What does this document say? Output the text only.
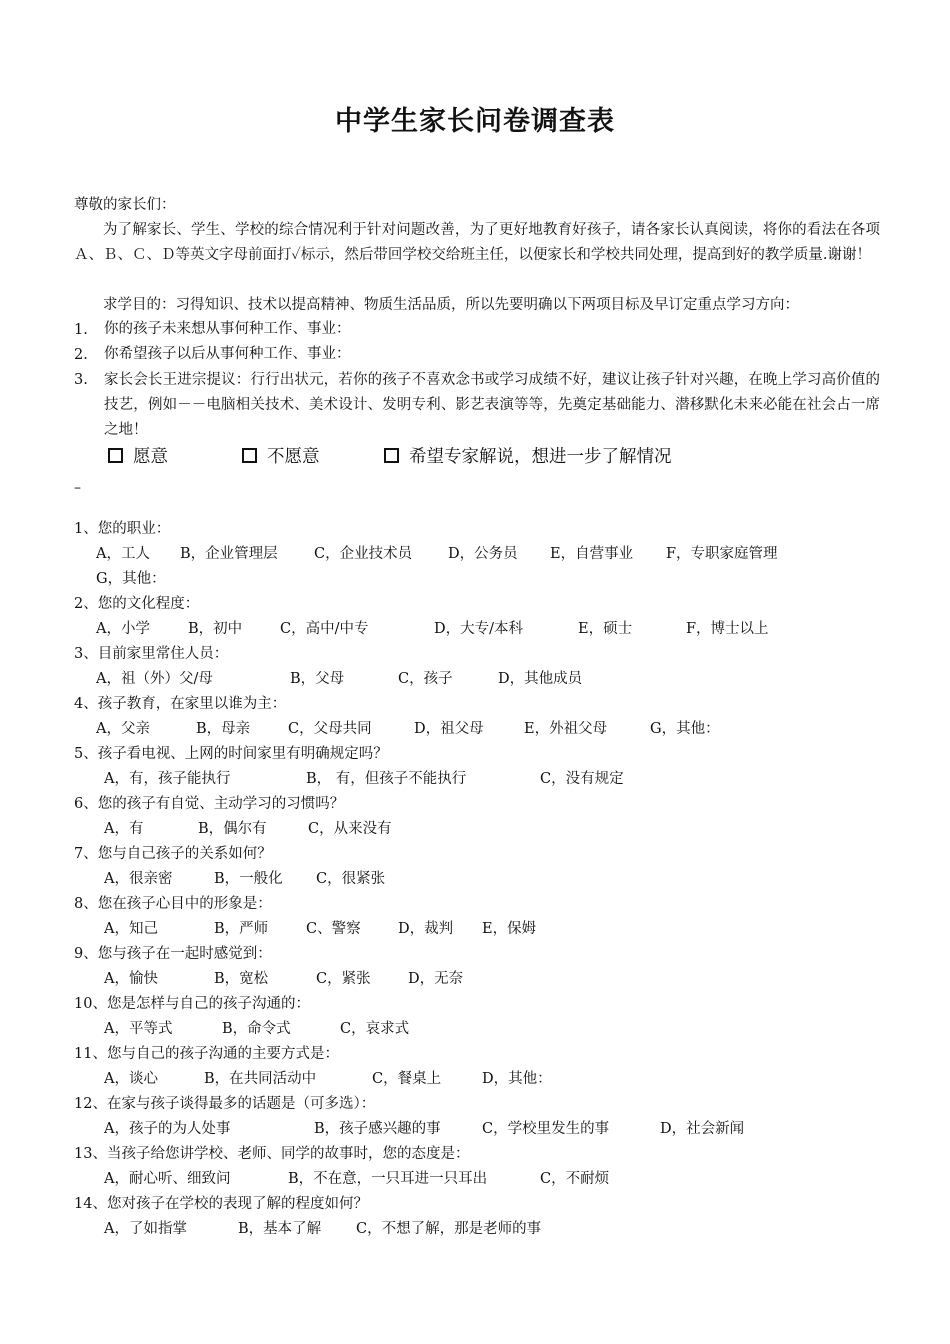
中学生家长问卷调查表
尊敬的家长们：
为了解家长、学生、学校的综合情况利于针对问题改善，为了更好地教育好孩子，请各家长认真阅读，将你的看法在各项Ａ、Ｂ、Ｃ、Ｄ等英文字母前面打✓标示，然后带回学校交给班主任，以便家长和学校共同处理，提高到好的教学质量.谢谢！
求学目的：习得知识、技术以提高精神、物质生活品质，所以先要明确以下两项目标及早订定重点学习方向：
1. 你的孩子未来想从事何种工作、事业：
2. 你希望孩子以后从事何种工作、事业：
3. 家长会长王进宗提议：行行出状元，若你的孩子不喜欢念书或学习成绩不好，建议让孩子针对兴趣，在晚上学习高价值的技艺，例如－－电脑相关技术、美术设计、发明专利、影艺表演等等，先奠定基础能力、潜移默化未来必能在社会占一席之地！
愿意	不愿意	希望专家解说，想进一步了解情况
–
1、您的职业：
A，工人 B，企业管理层	C，企业技术员 D，公务员 E，自营事业 F，专职家庭管理
G，其他：
2、您的文化程度：
A，小学	B，初中	C，高中/中专	D，大专/本科	E，硕士	F，博士以上
3、目前家里常住人员：
A，祖（外）父/母	B，父母	C，孩子	D，其他成员
4、孩子教育，在家里以谁为主：
A，父亲	B，母亲	C，父母共同	D，祖父母	E，外祖父母	G，其他：
5、孩子看电视、上网的时间家里有明确规定吗？
A，有，孩子能执行	B， 有，但孩子不能执行	C，没有规定
6、您的孩子有自觉、主动学习的习惯吗？
A，有	B，偶尔有	C，从来没有
7、您与自己孩子的关系如何？
A，很亲密	B，一般化 C，很紧张
8、您在孩子心目中的形象是：
A，知己	B，严师	C、警察	D，裁判 E，保姆
9、您与孩子在一起时感觉到：
A，愉快	B，宽松	C，紧张	D，无奈
10、您是怎样与自己的孩子沟通的：
A，平等式	B，命令式	C，哀求式
11、您与自己的孩子沟通的主要方式是：
A，谈心	B，在共同活动中	C，餐桌上	D，其他：
12、在家与孩子谈得最多的话题是（可多选）：
A，孩子的为人处事	B，孩子感兴趣的事	C，学校里发生的事	D，社会新闻
13、当孩子给您讲学校、老师、同学的故事时，您的态度是：
A，耐心听、细致问	B，不在意，一只耳进一只耳出	C，不耐烦
14、您对孩子在学校的表现了解的程度如何？
A，了如指掌	B，基本了解 C，不想了解，那是老师的事
